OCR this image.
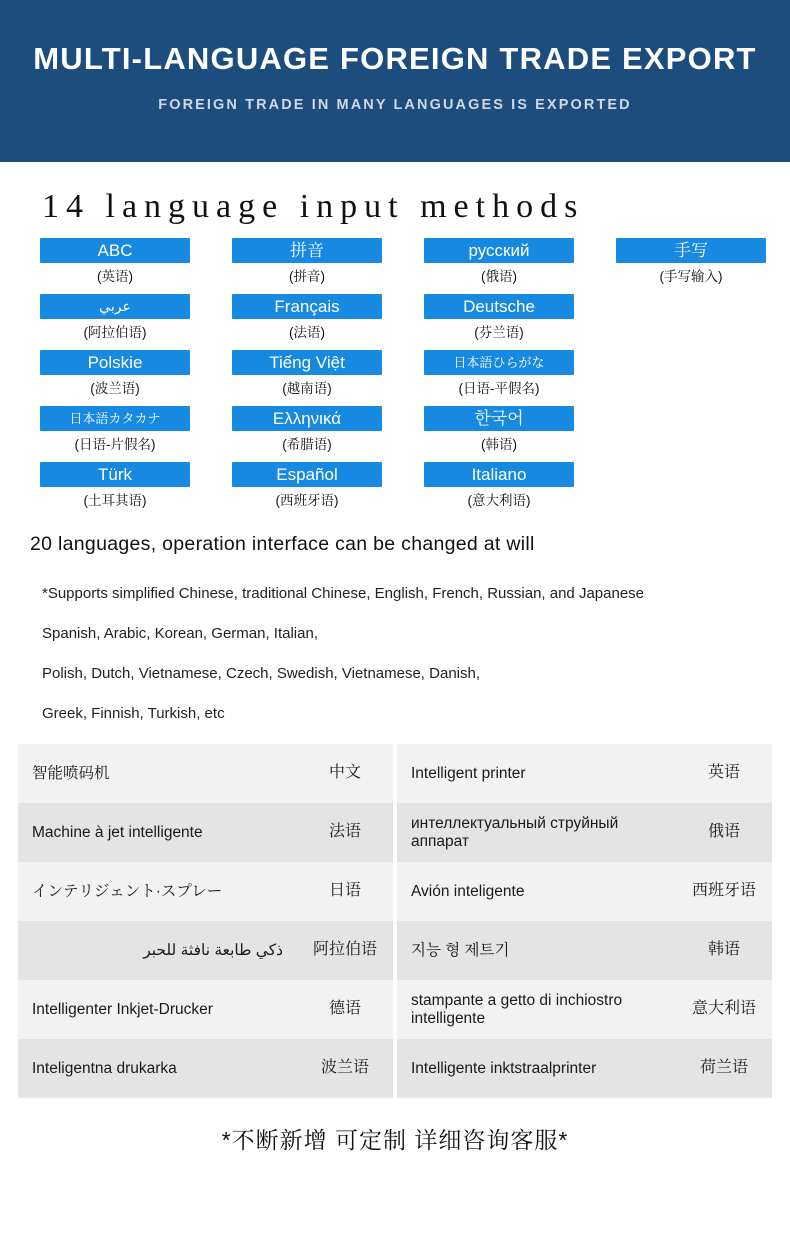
MULTI-LANGUAGE FOREIGN TRADE EXPORT
FOREIGN TRADE IN MANY LANGUAGES IS EXPORTED
14 language input methods
ABC
(英语)
拼音
(拼音)
русский
(俄语)
手写
(手写输入)
عربي
(阿拉伯语)
Français
(法语)
Deutsche
(芬兰语)
Polskie
(波兰语)
Tiếng Việt
(越南语)
日本語ひらがな
(日语-平假名)
日本語カタカナ
(日语-片假名)
Ελληνικά
(希腊语)
한국어
(韩语)
Türk
(土耳其语)
Español
(西班牙语)
Italiano
(意大利语)
20 languages, operation interface can be changed at will
*Supports simplified Chinese, traditional Chinese, English, French, Russian, and Japanese
Spanish, Arabic, Korean, German, Italian,
Polish, Dutch, Vietnamese, Czech, Swedish, Vietnamese, Danish,
Greek, Finnish, Turkish, etc
智能喷码机	中文
Machine à jet intelligente	法语
インテリジェント·スプレー	日语
ذكي طابعة نافثة للحبر	阿拉伯语
Intelligenter Inkjet-Drucker	德语
Inteligentna drukarka	波兰语
Intelligent printer	英语
интеллектуальный струйный аппарат	俄语
Avión inteligente	西班牙语
지능 형 제트기	韩语
stampante a getto di inchiostro intelligente	意大利语
Intelligente inktstraalprinter	荷兰语
*不断新增 可定制 详细咨询客服*
